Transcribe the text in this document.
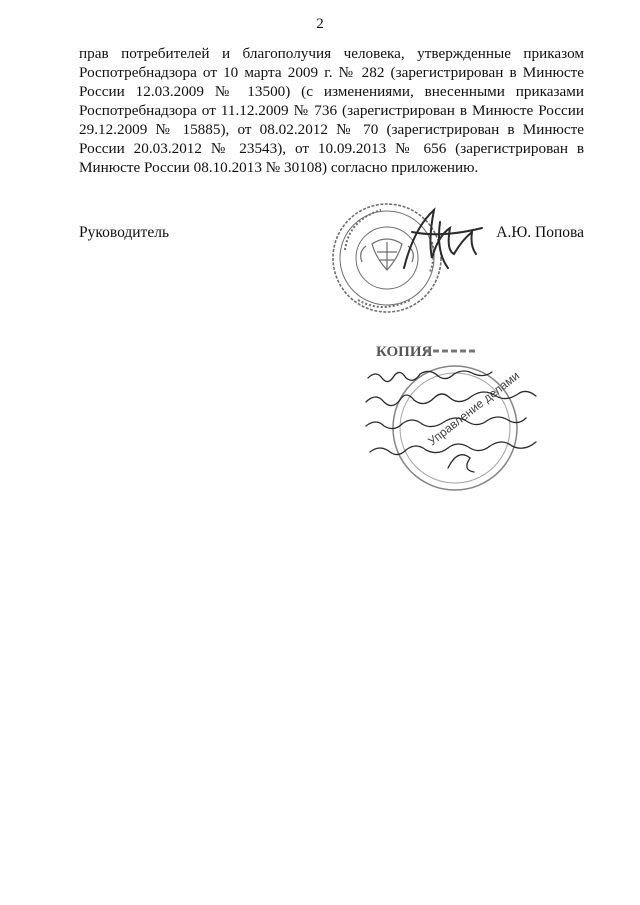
2
прав потребителей и благополучия человека, утвержденные приказом Роспотребнадзора от 10 марта 2009 г. № 282 (зарегистрирован в Минюсте России 12.03.2009 № 13500) (с изменениями, внесенными приказами Роспотребнадзора от 11.12.2009 № 736 (зарегистрирован в Минюсте России 29.12.2009 № 15885), от 08.02.2012 № 70 (зарегистрирован в Минюсте России 20.03.2012 № 23543), от 10.09.2013 № 656 (зарегистрирован в Минюсте России 08.10.2013 № 30108) согласно приложению.
Руководитель	А.Ю. Попова
КОПИЯ
Управление делами
